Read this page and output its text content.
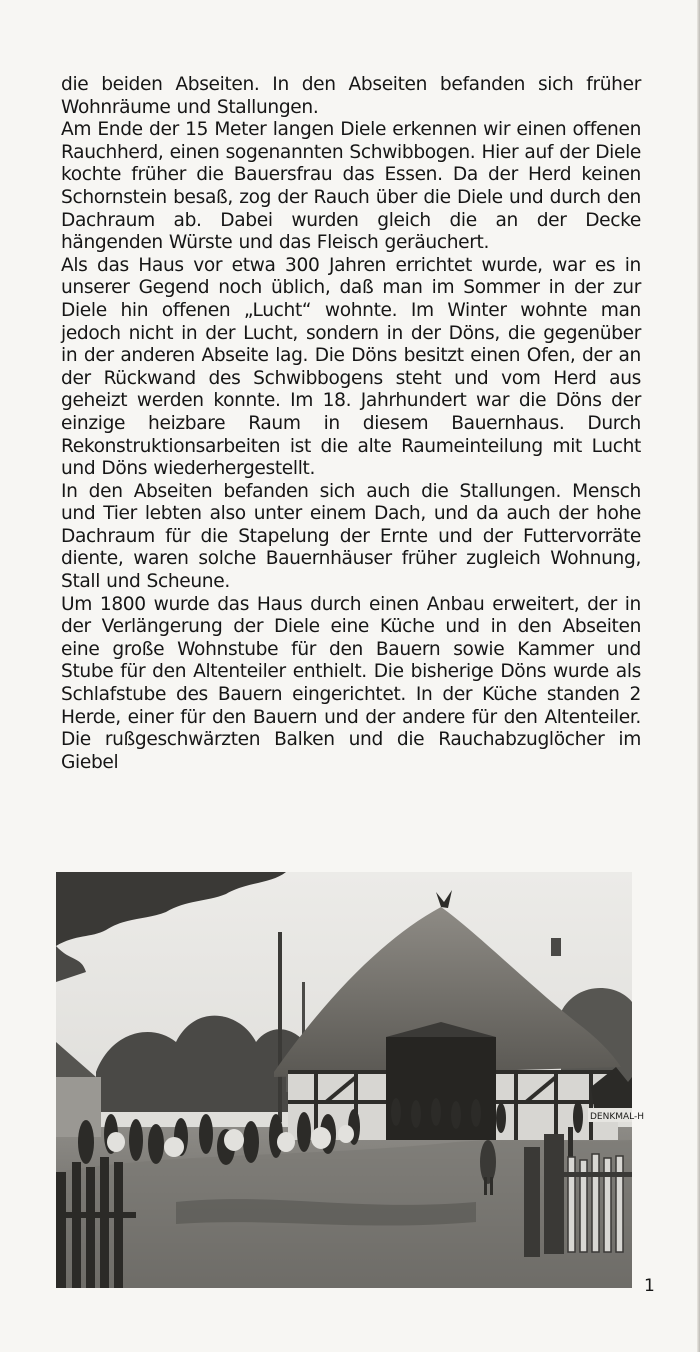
die beiden Abseiten. In den Abseiten befanden sich früher Wohnräume und Stallungen.

Am Ende der 15 Meter langen Diele erkennen wir einen offenen Rauchherd, einen sogenannten Schwibbogen. Hier auf der Diele kochte früher die Bauersfrau das Essen. Da der Herd keinen Schornstein besaß, zog der Rauch über die Diele und durch den Dachraum ab. Dabei wurden gleich die an der Decke hängenden Würste und das Fleisch geräuchert.

Als das Haus vor etwa 300 Jahren errichtet wurde, war es in unserer Gegend noch üblich, daß man im Sommer in der zur Diele hin offenen „Lucht“ wohnte. Im Winter wohnte man jedoch nicht in der Lucht, sondern in der Döns, die gegenüber in der anderen Abseite lag. Die Döns besitzt einen Ofen, der an der Rückwand des Schwibbogens steht und vom Herd aus geheizt werden konnte. Im 18. Jahrhundert war die Döns der einzige heizbare Raum in diesem Bauernhaus. Durch Rekonstruktionsarbeiten ist die alte Raumeinteilung mit Lucht und Döns wiederhergestellt.

In den Abseiten befanden sich auch die Stallungen. Mensch und Tier lebten also unter einem Dach, und da auch der hohe Dachraum für die Stapelung der Ernte und der Futtervorräte diente, waren solche Bauernhäuser früher zugleich Wohnung, Stall und Scheune.

Um 1800 wurde das Haus durch einen Anbau erweitert, der in der Verlängerung der Diele eine Küche und in den Abseiten eine große Wohnstube für den Bauern sowie Kammer und Stube für den Altenteiler enthielt. Die bisherige Döns wurde als Schlafstube des Bauern eingerichtet. In der Küche standen 2 Herde, einer für den Bauern und der andere für den Altenteiler. Die rußgeschwärzten Balken und die Rauchabzuglöcher im Giebel

DENKMAL-H
1
